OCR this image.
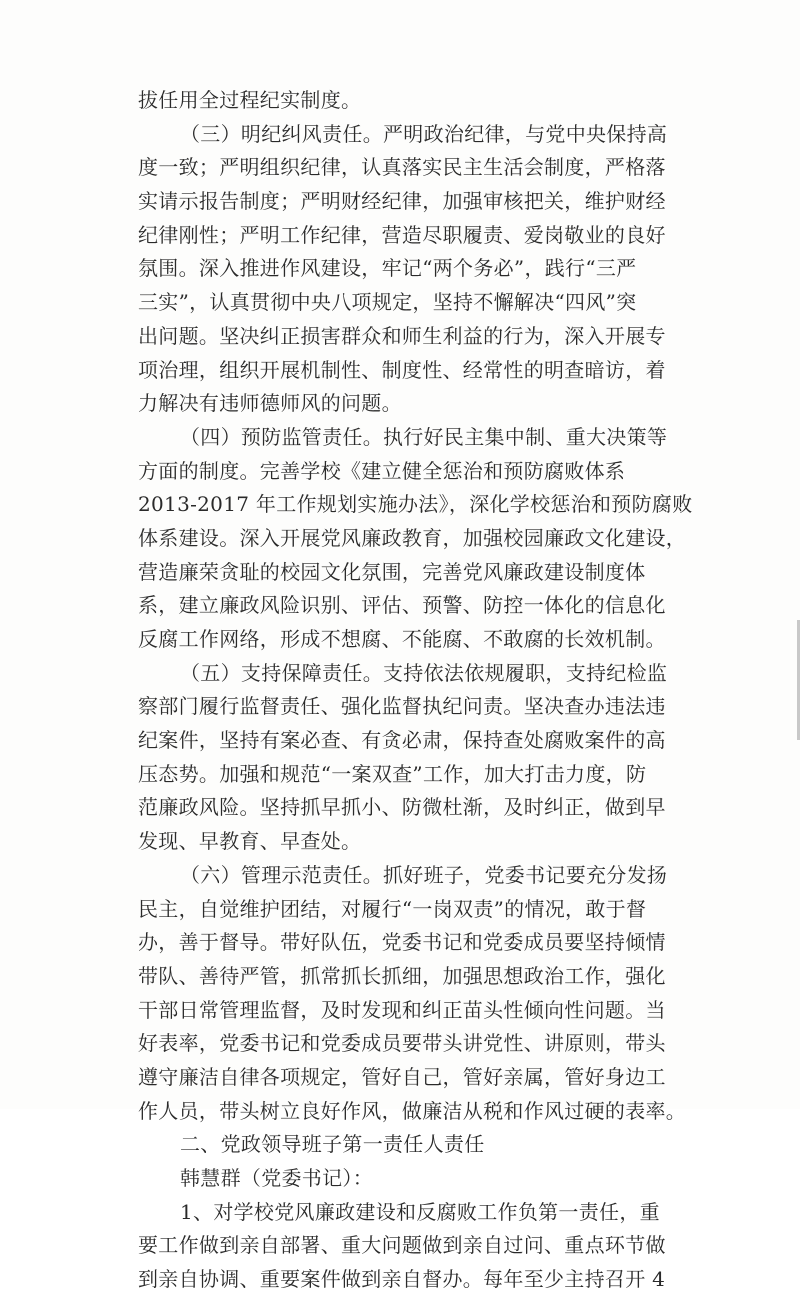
拔任用全过程纪实制度。
（三）明纪纠风责任。严明政治纪律，与党中央保持高
度一致；严明组织纪律，认真落实民主生活会制度，严格落
实请示报告制度；严明财经纪律，加强审核把关，维护财经
纪律刚性；严明工作纪律，营造尽职履责、爱岗敬业的良好
氛围。深入推进作风建设，牢记“两个务必”，践行“三严
三实”，认真贯彻中央八项规定，坚持不懈解决“四风”突
出问题。坚决纠正损害群众和师生利益的行为，深入开展专
项治理，组织开展机制性、制度性、经常性的明查暗访，着
力解决有违师德师风的问题。
（四）预防监管责任。执行好民主集中制、重大决策等
方面的制度。完善学校《建立健全惩治和预防腐败体系
2013-2017 年工作规划实施办法》，深化学校惩治和预防腐败
体系建设。深入开展党风廉政教育，加强校园廉政文化建设，
营造廉荣贪耻的校园文化氛围，完善党风廉政建设制度体
系，建立廉政风险识别、评估、预警、防控一体化的信息化
反腐工作网络，形成不想腐、不能腐、不敢腐的长效机制。
（五）支持保障责任。支持依法依规履职，支持纪检监
察部门履行监督责任、强化监督执纪问责。坚决查办违法违
纪案件，坚持有案必查、有贪必肃，保持查处腐败案件的高
压态势。加强和规范“一案双查”工作，加大打击力度，防
范廉政风险。坚持抓早抓小、防微杜渐，及时纠正，做到早
发现、早教育、早查处。
（六）管理示范责任。抓好班子，党委书记要充分发扬
民主，自觉维护团结，对履行“一岗双责”的情况，敢于督
办，善于督导。带好队伍，党委书记和党委成员要坚持倾情
带队、善待严管，抓常抓长抓细，加强思想政治工作，强化
干部日常管理监督，及时发现和纠正苗头性倾向性问题。当
好表率，党委书记和党委成员要带头讲党性、讲原则，带头
遵守廉洁自律各项规定，管好自己，管好亲属，管好身边工
作人员，带头树立良好作风，做廉洁从税和作风过硬的表率。
二、党政领导班子第一责任人责任
韩慧群（党委书记）：
1、对学校党风廉政建设和反腐败工作负第一责任，重
要工作做到亲自部署、重大问题做到亲自过问、重点环节做
到亲自协调、重要案件做到亲自督办。每年至少主持召开 4
